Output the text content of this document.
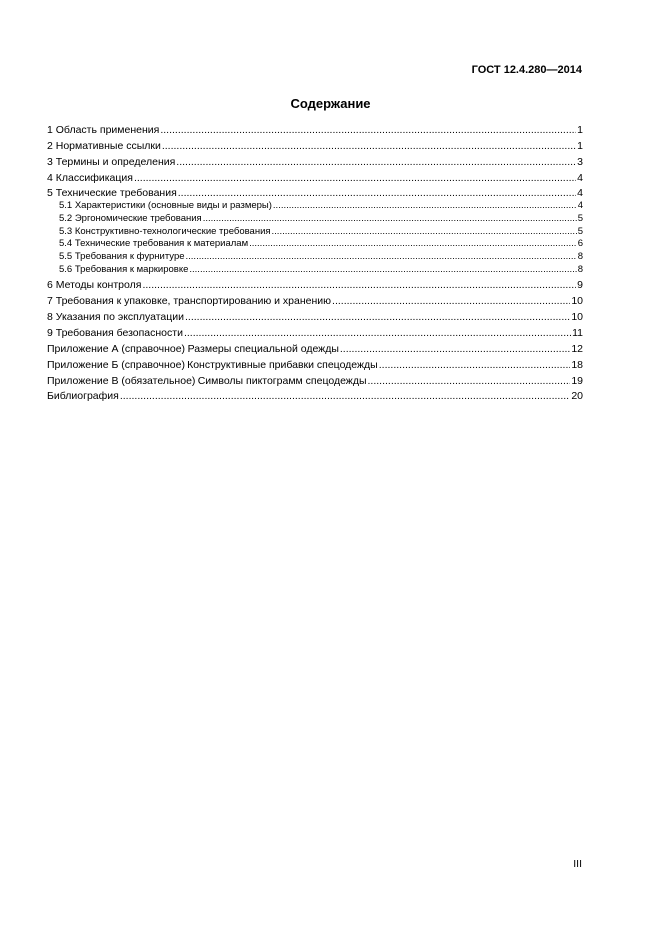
ГОСТ 12.4.280—2014
Содержание
1 Область применения .....	1
2 Нормативные ссылки .....	1
3 Термины и определения .....	3
4 Классификация .....	4
5 Технические требования .....	4
5.1 Характеристики (основные виды и размеры) .....	4
5.2 Эргономические требования .....	5
5.3 Конструктивно-технологические требования .....	5
5.4 Технические требования к материалам .....	6
5.5 Требования к фурнитуре .....	8
5.6 Требования к маркировке .....	8
6 Методы контроля .....	9
7 Требования к упаковке, транспортированию и хранению .....	10
8 Указания по эксплуатации .....	10
9 Требования безопасности .....	11
Приложение А (справочное) Размеры специальной одежды .....	12
Приложение Б (справочное) Конструктивные прибавки спецодежды .....	18
Приложение В (обязательное) Символы пиктограмм спецодежды .....	19
Библиография .....	20
III
